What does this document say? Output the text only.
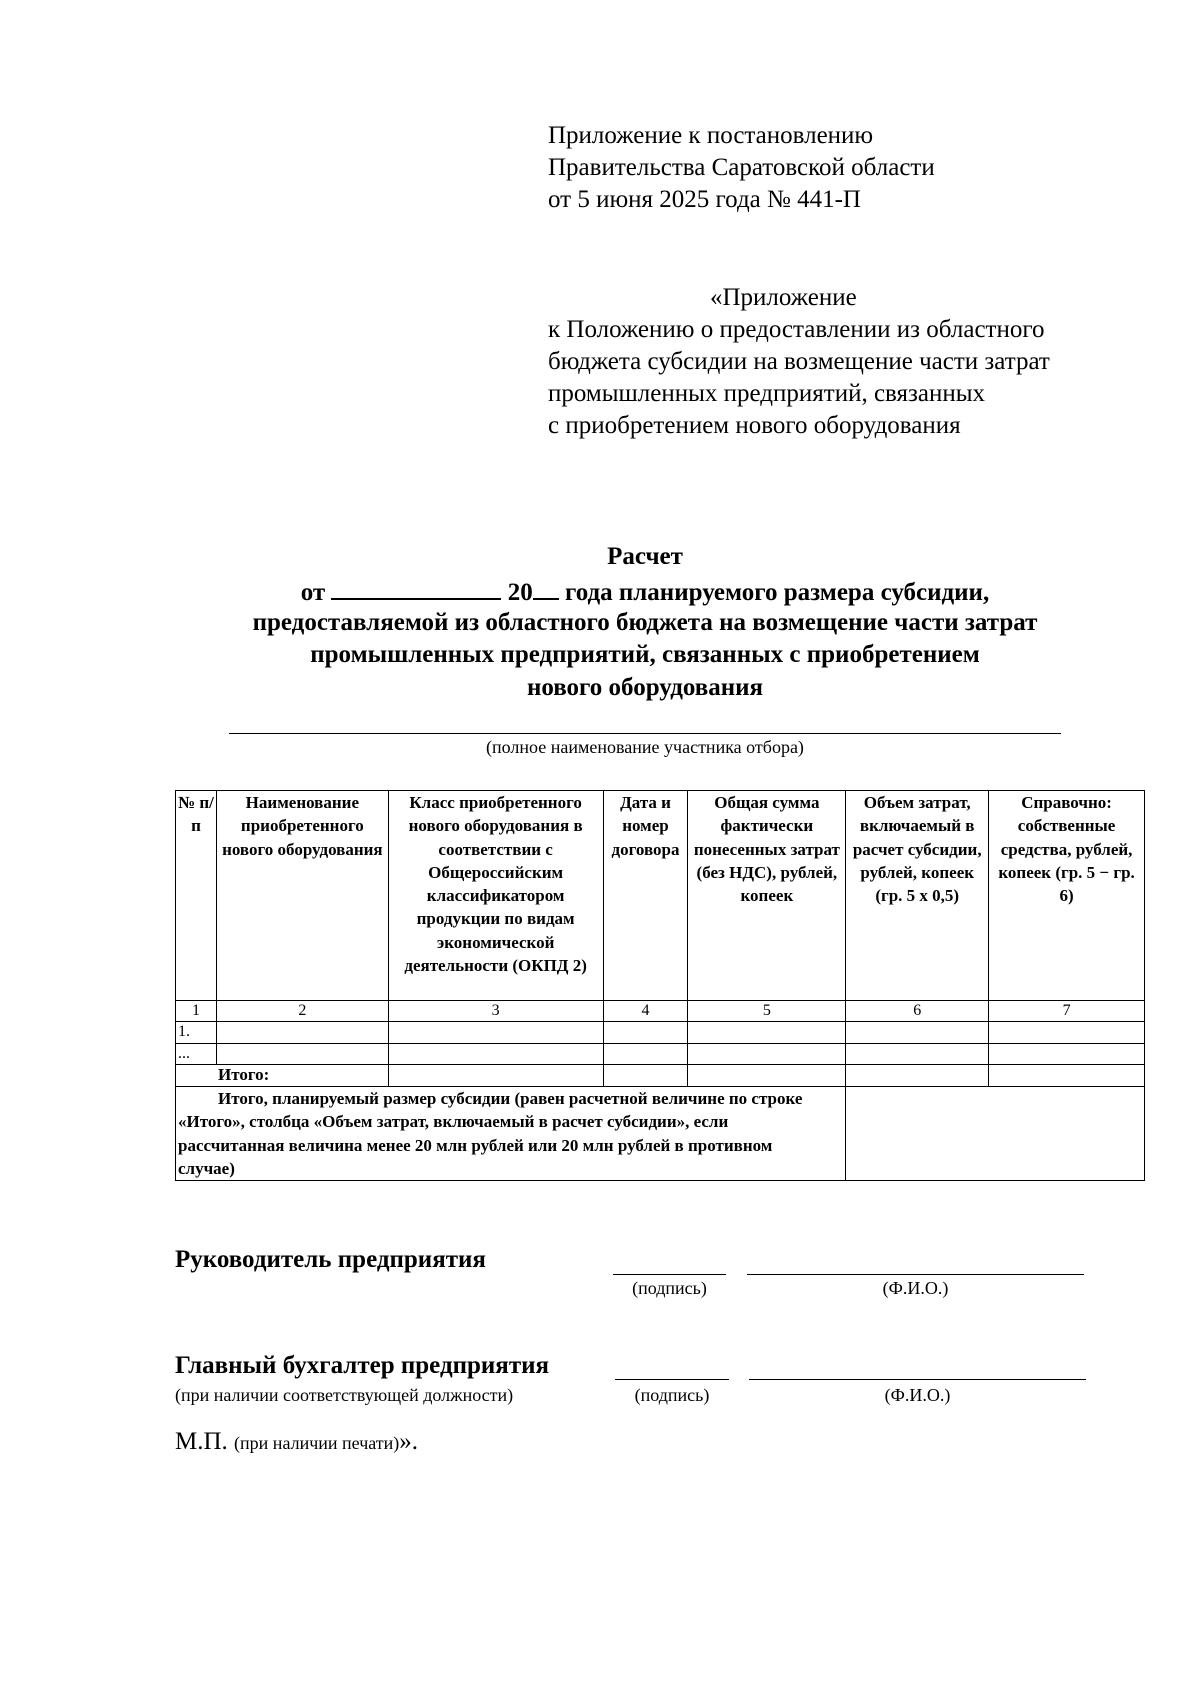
Приложение к постановлению
Правительства Саратовской области
от 5 июня 2025 года № 441-П
«Приложение
к Положению о предоставлении из областного
бюджета субсидии на возмещение части затрат
промышленных предприятий, связанных
с приобретением нового оборудования
Расчет
от	20 года планируемого размера субсидии,
предоставляемой из областного бюджета на возмещение части затрат
промышленных предприятий, связанных с приобретением
нового оборудования
(полное наименование участника отбора)
№ п/п	Наименование приобретенного нового оборудования	Класс приобретенного нового оборудования в соответствии с Общероссийским классификатором продукции по видам экономической деятельности (ОКПД 2)	Дата и номер договора	Общая сумма фактически понесенных затрат (без НДС), рублей, копеек	Объем затрат, включаемый в расчет субсидии, рублей, копеек (гр. 5 x 0,5)	Справочно: собственные средства, рублей, копеек (гр. 5 − гр. 6)
1	2	3	4	5	6	7
1.						
...						
Итого:						
Итого, планируемый размер субсидии (равен расчетной величине по строке «Итого», столбца «Объем затрат, включаемый в расчет субсидии», если рассчитанная величина менее 20 млн рублей или 20 млн рублей в противном случае)						
Руководитель предприятия
(подпись)	(Ф.И.О.)
Главный бухгалтер предприятия
(при наличии соответствующей должности)	(подпись)	(Ф.И.О.)
М.П. (при наличии печати)».
